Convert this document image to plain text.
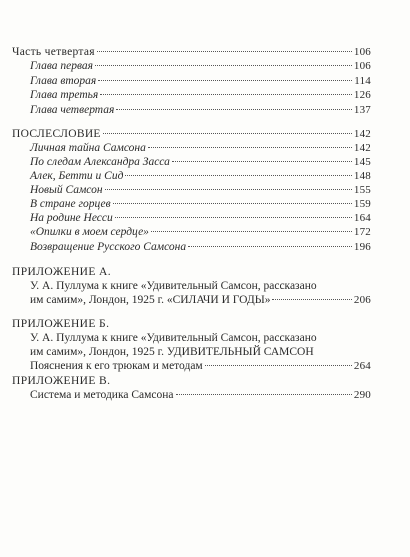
Часть четвертая	106
Глава первая	106
Глава вторая	114
Глава третья	126
Глава четвертая	137
ПОСЛЕСЛОВИЕ	142
Личная тайна Самсона	142
По следам Александра Засса	145
Алек, Бетти и Сид	148
Новый Самсон	155
В стране горцев	159
На родине Несси	164
«Опилки в моем сердце»	172
Возвращение Русского Самсона	196
ПРИЛОЖЕНИЕ А.
У. А. Пуллума к книге «Удивительный Самсон, рассказано
им самим», Лондон, 1925 г. «СИЛАЧИ И ГОДЫ»	206
ПРИЛОЖЕНИЕ Б.
У. А. Пуллума к книге «Удивительный Самсон, рассказано
им самим», Лондон, 1925 г. УДИВИТЕЛЬНЫЙ САМСОН
Пояснения к его трюкам и методам	264
ПРИЛОЖЕНИЕ В.
Система и методика Самсона	290
